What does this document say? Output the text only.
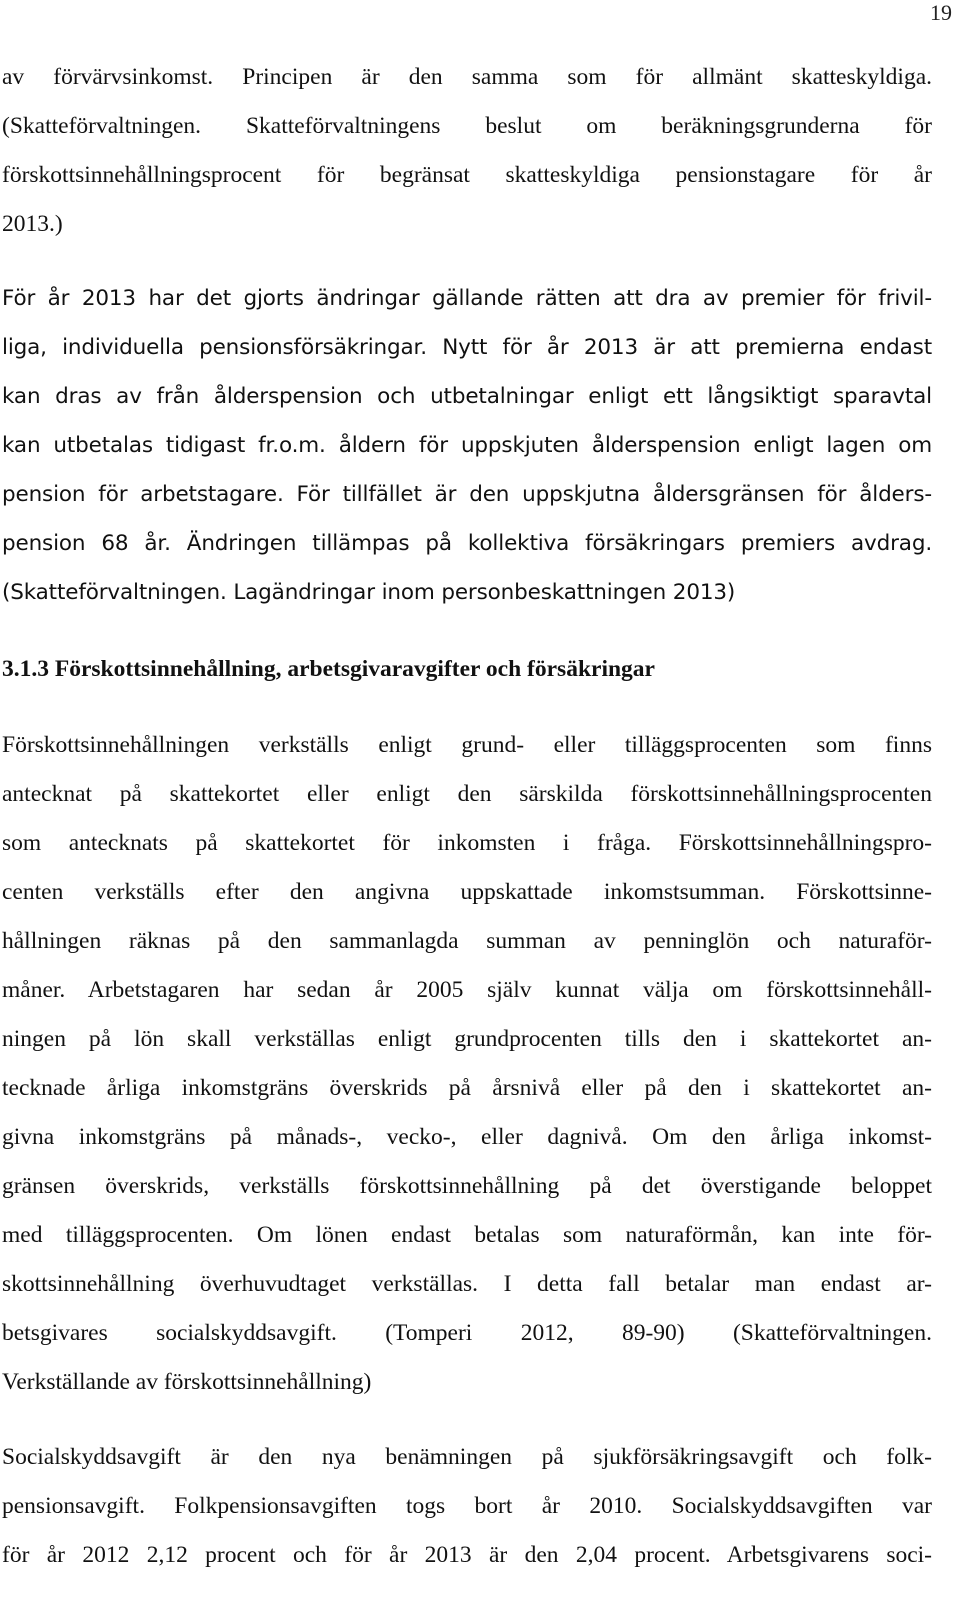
19
av förvärvsinkomst. Principen är den samma som för allmänt skatteskyldiga.
(Skatteförvaltningen. Skatteförvaltningens beslut om beräkningsgrunderna för
förskottsinnehållningsprocent för begränsat skatteskyldiga pensionstagare för år
2013.)
För år 2013 har det gjorts ändringar gällande rätten att dra av premier för frivil-
liga, individuella pensionsförsäkringar. Nytt för år 2013 är att premierna endast
kan dras av från ålderspension och utbetalningar enligt ett långsiktigt sparavtal
kan utbetalas tidigast fr.o.m. åldern för uppskjuten ålderspension enligt lagen om
pension för arbetstagare. För tillfället är den uppskjutna åldersgränsen för ålders-
pension 68 år. Ändringen tillämpas på kollektiva försäkringars premiers avdrag.
(Skatteförvaltningen. Lagändringar inom personbeskattningen 2013)
3.1.3 Förskottsinnehållning, arbetsgivaravgifter och försäkringar
Förskottsinnehållningen verkställs enligt grund- eller tilläggsprocenten som finns
antecknat på skattekortet eller enligt den särskilda förskottsinnehållningsprocenten
som antecknats på skattekortet för inkomsten i fråga. Förskottsinnehållningspro-
centen verkställs efter den angivna uppskattade inkomstsumman. Förskottsinne-
hållningen räknas på den sammanlagda summan av penninglön och naturaför-
måner. Arbetstagaren har sedan år 2005 själv kunnat välja om förskottsinnehåll-
ningen på lön skall verkställas enligt grundprocenten tills den i skattekortet an-
tecknade årliga inkomstgräns överskrids på årsnivå eller på den i skattekortet an-
givna inkomstgräns på månads-, vecko-, eller dagnivå. Om den årliga inkomst-
gränsen överskrids, verkställs förskottsinnehållning på det överstigande beloppet
med tilläggsprocenten. Om lönen endast betalas som naturaförmån, kan inte för-
skottsinnehållning överhuvudtaget verkställas. I detta fall betalar man endast ar-
betsgivares socialskyddsavgift. (Tomperi 2012, 89-90) (Skatteförvaltningen.
Verkställande av förskottsinnehållning)
Socialskyddsavgift är den nya benämningen på sjukförsäkringsavgift och folk-
pensionsavgift. Folkpensionsavgiften togs bort år 2010. Socialskyddsavgiften var
för år 2012 2,12 procent och för år 2013 är den 2,04 procent. Arbetsgivarens soci-
